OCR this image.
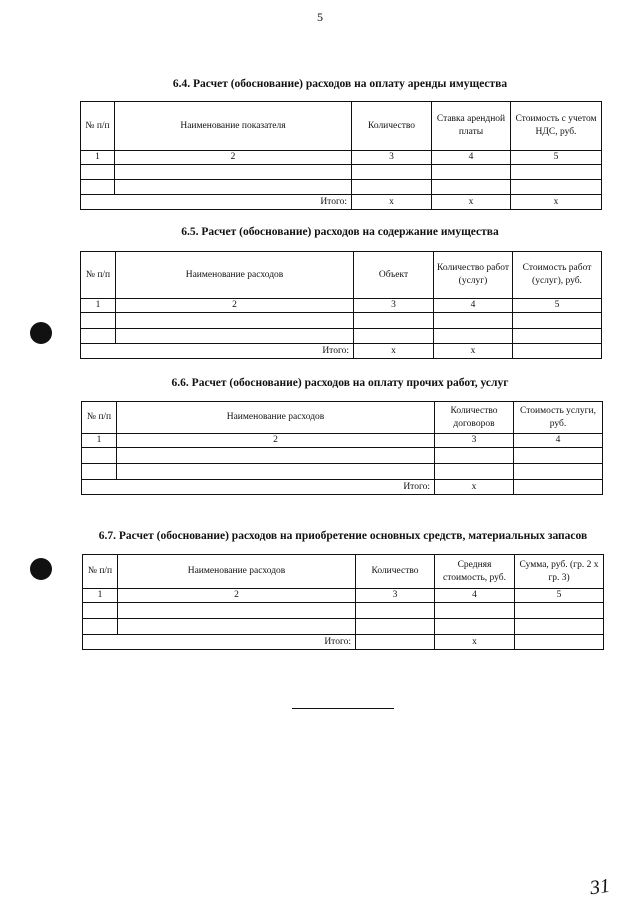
5
6.4. Расчет (обоснование) расходов на оплату аренды имущества
№ п/п	Наименование показателя	Количество	Ставка арендной платы	Стоимость с учетом НДС, руб.
1	2	3	4	5

	Итого:	х	х	х
6.5. Расчет (обоснование) расходов на содержание имущества
№ п/п	Наименование расходов	Объект	Количество работ (услуг)	Стоимость работ (услуг), руб.
1	2	3	4	5

	Итого:	х	х	
6.6. Расчет (обоснование) расходов на оплату прочих работ, услуг
№ п/п	Наименование расходов	Количество договоров	Стоимость услуги, руб.
1	2	3	4

	Итого:	х	
6.7. Расчет (обоснование) расходов на приобретение основных средств, материальных запасов
№ п/п	Наименование расходов	Количество	Средняя стоимость, руб.	Сумма, руб. (гр. 2 х гр. 3)
1	2	3	4	5

	Итого:		х	
31
